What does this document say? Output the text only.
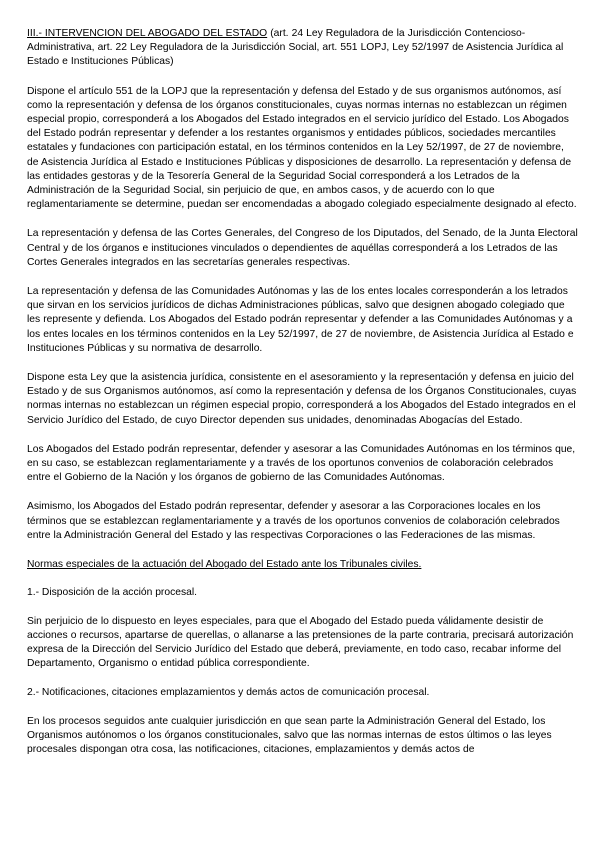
III.- INTERVENCION DEL ABOGADO DEL ESTADO (art. 24 Ley Reguladora de la Jurisdicción Contencioso-Administrativa, art. 22 Ley Reguladora de la Jurisdicción Social, art. 551 LOPJ, Ley 52/1997 de Asistencia Jurídica al Estado e Instituciones Públicas)

Dispone el artículo 551 de la LOPJ que la representación y defensa del Estado y de sus organismos autónomos, así como la representación y defensa de los órganos constitucionales, cuyas normas internas no establezcan un régimen especial propio, corresponderá a los Abogados del Estado integrados en el servicio jurídico del Estado. Los Abogados del Estado podrán representar y defender a los restantes organismos y entidades públicos, sociedades mercantiles estatales y fundaciones con participación estatal, en los términos contenidos en la Ley 52/1997, de 27 de noviembre, de Asistencia Jurídica al Estado e Instituciones Públicas y disposiciones de desarrollo. La representación y defensa de las entidades gestoras y de la Tesorería General de la Seguridad Social corresponderá a los Letrados de la Administración de la Seguridad Social, sin perjuicio de que, en ambos casos, y de acuerdo con lo que reglamentariamente se determine, puedan ser encomendadas a abogado colegiado especialmente designado al efecto.

La representación y defensa de las Cortes Generales, del Congreso de los Diputados, del Senado, de la Junta Electoral Central y de los órganos e instituciones vinculados o dependientes de aquéllas corresponderá a los Letrados de las Cortes Generales integrados en las secretarías generales respectivas.

La representación y defensa de las Comunidades Autónomas y las de los entes locales corresponderán a los letrados que sirvan en los servicios jurídicos de dichas Administraciones públicas, salvo que designen abogado colegiado que les represente y defienda. Los Abogados del Estado podrán representar y defender a las Comunidades Autónomas y a los entes locales en los términos contenidos en la Ley 52/1997, de 27 de noviembre, de Asistencia Jurídica al Estado e Instituciones Públicas y su normativa de desarrollo.

Dispone esta Ley que la asistencia jurídica, consistente en el asesoramiento y la representación y defensa en juicio del Estado y de sus Organismos autónomos, así como la representación y defensa de los Órganos Constitucionales, cuyas normas internas no establezcan un régimen especial propio, corresponderá a los Abogados del Estado integrados en el Servicio Jurídico del Estado, de cuyo Director dependen sus unidades, denominadas Abogacías del Estado.

Los Abogados del Estado podrán representar, defender y asesorar a las Comunidades Autónomas en los términos que, en su caso, se establezcan reglamentariamente y a través de los oportunos convenios de colaboración celebrados entre el Gobierno de la Nación y los órganos de gobierno de las Comunidades Autónomas.

Asimismo, los Abogados del Estado podrán representar, defender y asesorar a las Corporaciones locales en los términos que se establezcan reglamentariamente y a través de los oportunos convenios de colaboración celebrados entre la Administración General del Estado y las respectivas Corporaciones o las Federaciones de las mismas.

Normas especiales de la actuación del Abogado del Estado ante los Tribunales civiles.

1.- Disposición de la acción procesal.

Sin perjuicio de lo dispuesto en leyes especiales, para que el Abogado del Estado pueda válidamente desistir de acciones o recursos, apartarse de querellas, o allanarse a las pretensiones de la parte contraria, precisará autorización expresa de la Dirección del Servicio Jurídico del Estado que deberá, previamente, en todo caso, recabar informe del Departamento, Organismo o entidad pública correspondiente.

2.- Notificaciones, citaciones emplazamientos y demás actos de comunicación procesal.

En los procesos seguidos ante cualquier jurisdicción en que sean parte la Administración General del Estado, los Organismos autónomos o los órganos constitucionales, salvo que las normas internas de estos últimos o las leyes procesales dispongan otra cosa, las notificaciones, citaciones, emplazamientos y demás actos de
